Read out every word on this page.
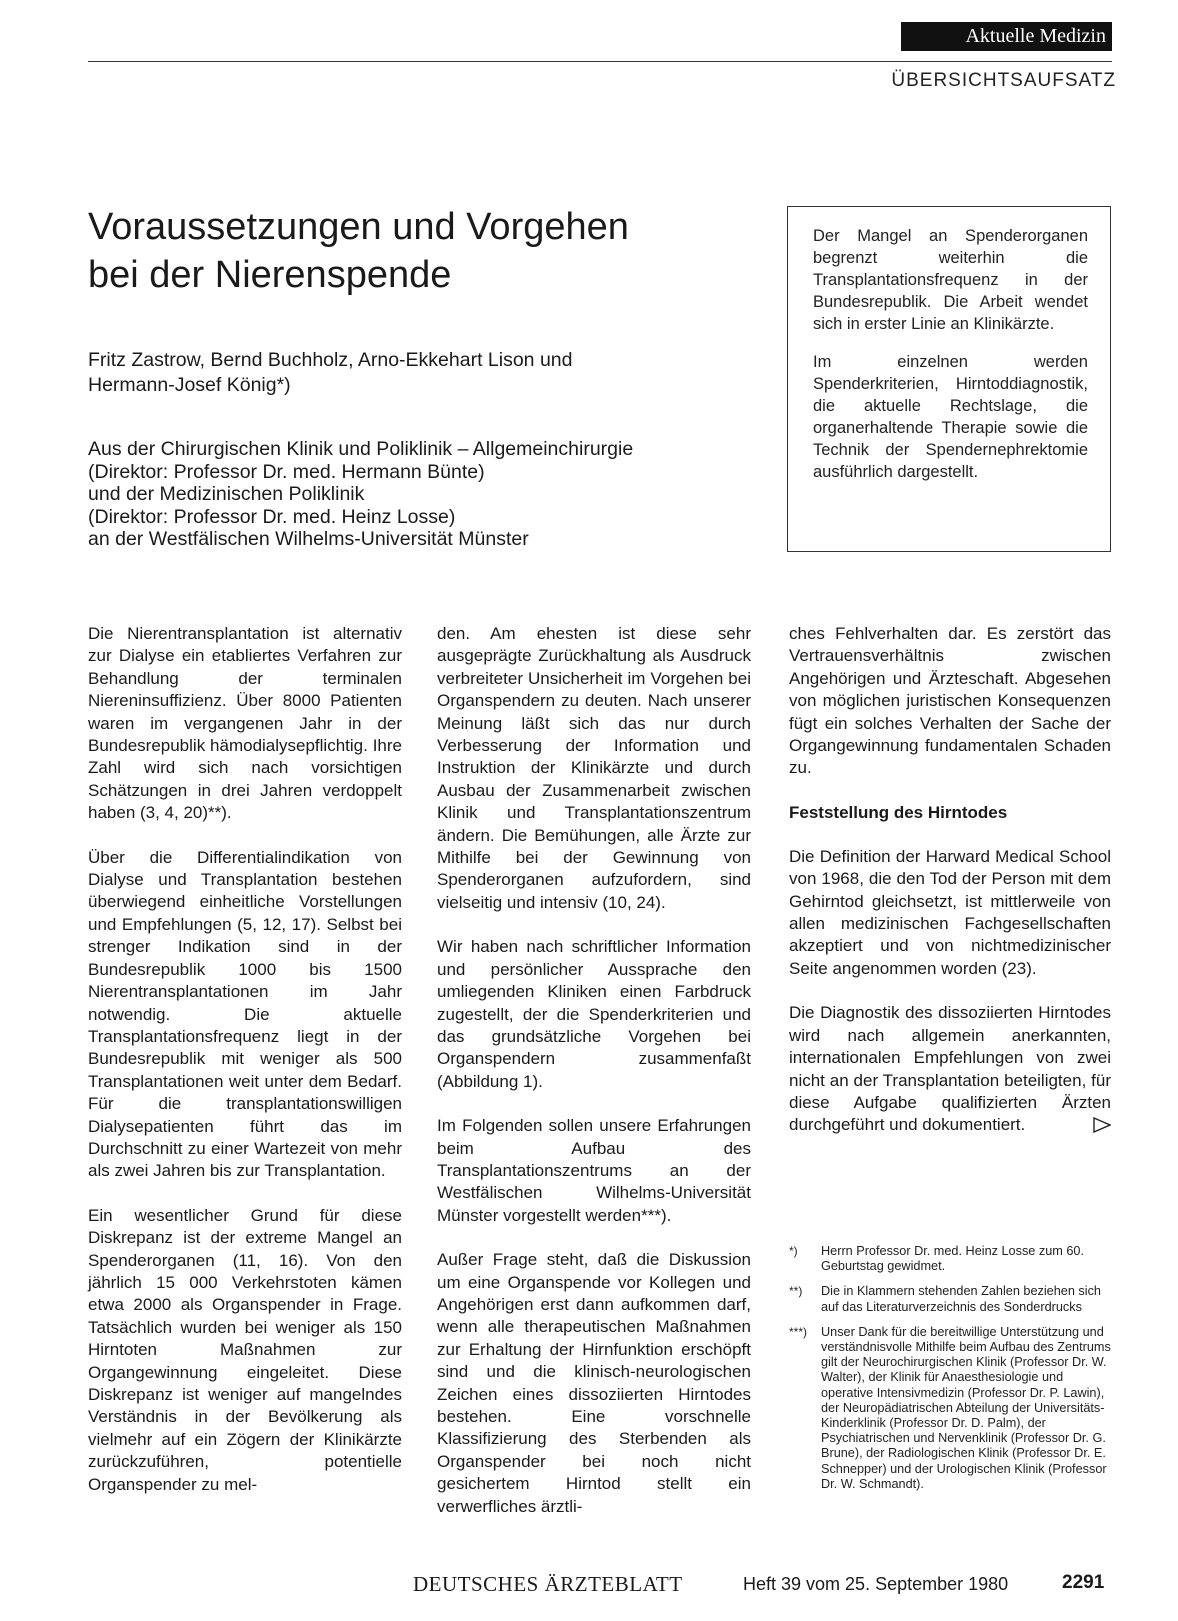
Aktuelle Medizin
ÜBERSICHTSAUFSATZ
Voraussetzungen und Vorgehen
bei der Nierenspende
Fritz Zastrow, Bernd Buchholz, Arno-Ekkehart Lison und
Hermann-Josef König*)
Aus der Chirurgischen Klinik und Poliklinik – Allgemeinchirurgie
(Direktor: Professor Dr. med. Hermann Bünte)
und der Medizinischen Poliklinik
(Direktor: Professor Dr. med. Heinz Losse)
an der Westfälischen Wilhelms-Universität Münster

Der Mangel an Spenderorganen begrenzt weiterhin die Transplantationsfrequenz in der Bundesrepublik. Die Arbeit wendet sich in erster Linie an Klinikärzte.

Im einzelnen werden Spenderkriterien, Hirntoddiagnostik, die aktuelle Rechtslage, die organerhaltende Therapie sowie die Technik der Spendernephrektomie ausführlich dargestellt.

Die Nierentransplantation ist alternativ zur Dialyse ein etabliertes Verfahren zur Behandlung der terminalen Niereninsuffizienz. Über 8000 Patienten waren im vergangenen Jahr in der Bundesrepublik hämodialysepflichtig. Ihre Zahl wird sich nach vorsichtigen Schätzungen in drei Jahren verdoppelt haben (3, 4, 20)**).

Über die Differentialindikation von Dialyse und Transplantation bestehen überwiegend einheitliche Vorstellungen und Empfehlungen (5, 12, 17). Selbst bei strenger Indikation sind in der Bundesrepublik 1000 bis 1500 Nierentransplantationen im Jahr notwendig. Die aktuelle Transplantationsfrequenz liegt in der Bundesrepublik mit weniger als 500 Transplantationen weit unter dem Bedarf. Für die transplantationswilligen Dialysepatienten führt das im Durchschnitt zu einer Wartezeit von mehr als zwei Jahren bis zur Transplantation.

Ein wesentlicher Grund für diese Diskrepanz ist der extreme Mangel an Spenderorganen (11, 16). Von den jährlich 15 000 Verkehrstoten kämen etwa 2000 als Organspender in Frage. Tatsächlich wurden bei weniger als 150 Hirntoten Maßnahmen zur Organgewinnung eingeleitet. Diese Diskrepanz ist weniger auf mangelndes Verständnis in der Bevölkerung als vielmehr auf ein Zögern der Klinikärzte zurückzuführen, potentielle Organspender zu mel-

den. Am ehesten ist diese sehr ausgeprägte Zurückhaltung als Ausdruck verbreiteter Unsicherheit im Vorgehen bei Organspendern zu deuten. Nach unserer Meinung läßt sich das nur durch Verbesserung der Information und Instruktion der Klinikärzte und durch Ausbau der Zusammenarbeit zwischen Klinik und Transplantationszentrum ändern. Die Bemühungen, alle Ärzte zur Mithilfe bei der Gewinnung von Spenderorganen aufzufordern, sind vielseitig und intensiv (10, 24).

Wir haben nach schriftlicher Information und persönlicher Aussprache den umliegenden Kliniken einen Farbdruck zugestellt, der die Spenderkriterien und das grundsätzliche Vorgehen bei Organspendern zusammenfaßt (Abbildung 1).

Im Folgenden sollen unsere Erfahrungen beim Aufbau des Transplantationszentrums an der Westfälischen Wilhelms-Universität Münster vorgestellt werden***).

Außer Frage steht, daß die Diskussion um eine Organspende vor Kollegen und Angehörigen erst dann aufkommen darf, wenn alle therapeutischen Maßnahmen zur Erhaltung der Hirnfunktion erschöpft sind und die klinisch-neurologischen Zeichen eines dissoziierten Hirntodes bestehen. Eine vorschnelle Klassifizierung des Sterbenden als Organspender bei noch nicht gesichertem Hirntod stellt ein verwerfliches ärztli-

ches Fehlverhalten dar. Es zerstört das Vertrauensverhältnis zwischen Angehörigen und Ärzteschaft. Abgesehen von möglichen juristischen Konsequenzen fügt ein solches Verhalten der Sache der Organgewinnung fundamentalen Schaden zu.

Feststellung des Hirntodes

Die Definition der Harward Medical School von 1968, die den Tod der Person mit dem Gehirntod gleichsetzt, ist mittlerweile von allen medizinischen Fachgesellschaften akzeptiert und von nichtmedizinischer Seite angenommen worden (23).

Die Diagnostik des dissoziierten Hirntodes wird nach allgemein anerkannten, internationalen Empfehlungen von zwei nicht an der Transplantation beteiligten, für diese Aufgabe qualifizierten Ärzten durchgeführt und dokumentiert.

*)	Herrn Professor Dr. med. Heinz Losse zum 60. Geburtstag gewidmet.
**)	Die in Klammern stehenden Zahlen beziehen sich auf das Literaturverzeichnis des Sonderdrucks
***)	Unser Dank für die bereitwillige Unterstützung und verständnisvolle Mithilfe beim Aufbau des Zentrums gilt der Neurochirurgischen Klinik (Professor Dr. W. Walter), der Klinik für Anaesthesiologie und operative Intensivmedizin (Professor Dr. P. Lawin), der Neuropädiatrischen Abteilung der Universitäts-Kinderklinik (Professor Dr. D. Palm), der Psychiatrischen und Nervenklinik (Professor Dr. G. Brune), der Radiologischen Klinik (Professor Dr. E. Schnepper) und der Urologischen Klinik (Professor Dr. W. Schmandt).
DEUTSCHES ÄRZTEBLATT	Heft 39 vom 25. September 1980	2291
